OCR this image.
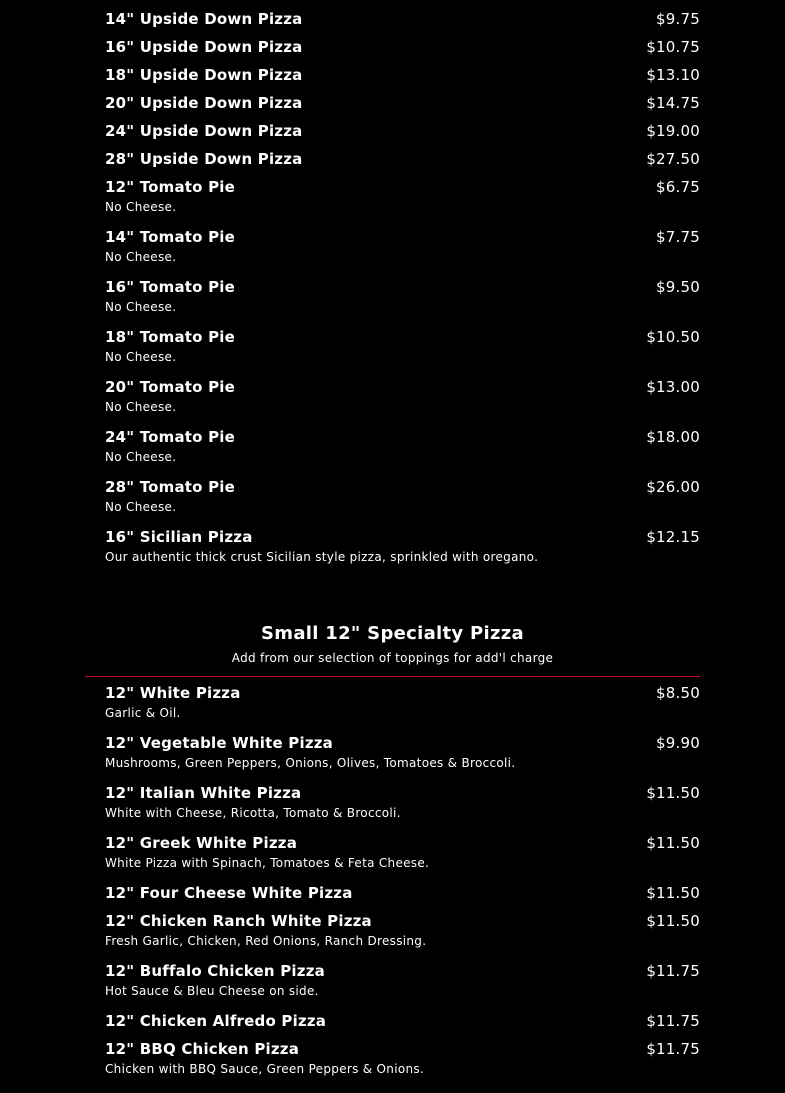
14" Upside Down Pizza	$9.75
16" Upside Down Pizza	$10.75
18" Upside Down Pizza	$13.10
20" Upside Down Pizza	$14.75
24" Upside Down Pizza	$19.00
28" Upside Down Pizza	$27.50
12" Tomato Pie	$6.75
No Cheese.
14" Tomato Pie	$7.75
No Cheese.
16" Tomato Pie	$9.50
No Cheese.
18" Tomato Pie	$10.50
No Cheese.
20" Tomato Pie	$13.00
No Cheese.
24" Tomato Pie	$18.00
No Cheese.
28" Tomato Pie	$26.00
No Cheese.
16" Sicilian Pizza	$12.15
Our authentic thick crust Sicilian style pizza, sprinkled with oregano.
Small 12" Specialty Pizza
Add from our selection of toppings for add'l charge
12" White Pizza	$8.50
Garlic & Oil.
12" Vegetable White Pizza	$9.90
Mushrooms, Green Peppers, Onions, Olives, Tomatoes & Broccoli.
12" Italian White Pizza	$11.50
White with Cheese, Ricotta, Tomato & Broccoli.
12" Greek White Pizza	$11.50
White Pizza with Spinach, Tomatoes & Feta Cheese.
12" Four Cheese White Pizza	$11.50
12" Chicken Ranch White Pizza	$11.50
Fresh Garlic, Chicken, Red Onions, Ranch Dressing.
12" Buffalo Chicken Pizza	$11.75
Hot Sauce & Bleu Cheese on side.
12" Chicken Alfredo Pizza	$11.75
12" BBQ Chicken Pizza	$11.75
Chicken with BBQ Sauce, Green Peppers & Onions.
